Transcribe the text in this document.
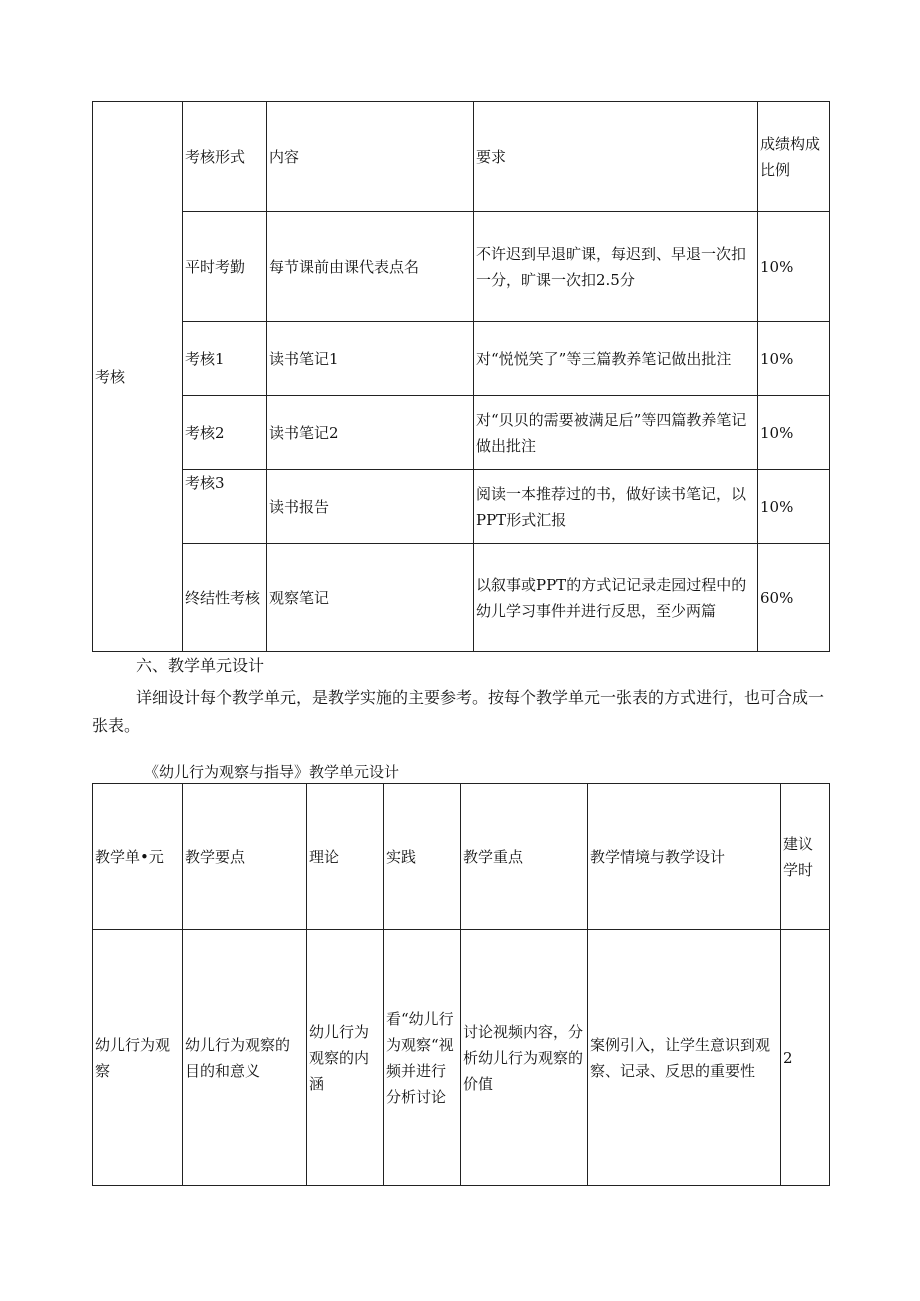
考核	考核形式	内容	要求	成绩构成比例
	平时考勤	每节课前由课代表点名	不许迟到早退旷课，每迟到、早退一次扣一分，旷课一次扣2.5分	10%
	考核1	读书笔记1	对“悦悦笑了”等三篇教养笔记做出批注	10%
	考核2	读书笔记2	对“贝贝的需要被满足后”等四篇教养笔记做出批注	10%
	考核3	读书报告	阅读一本推荐过的书，做好读书笔记，以PPT形式汇报	10%
	终结性考核	观察笔记	以叙事或PPT的方式记记录走园过程中的幼儿学习事件并进行反思，至少两篇	60%
六、教学单元设计
详细设计每个教学单元，是教学实施的主要参考。按每个教学单元一张表的方式进行，也可合成一张表。
《幼儿行为观察与指导》教学单元设计
教学单•元	教学要点	理论	实践	教学重点	教学情境与教学设计	建议学时
幼儿行为观察	幼儿行为观察的目的和意义	幼儿行为观察的内涵	看“幼儿行为观察“视频并进行分析讨论	讨论视频内容，分析幼儿行为观察的价值	案例引入，让学生意识到观察、记录、反思的重要性	2
